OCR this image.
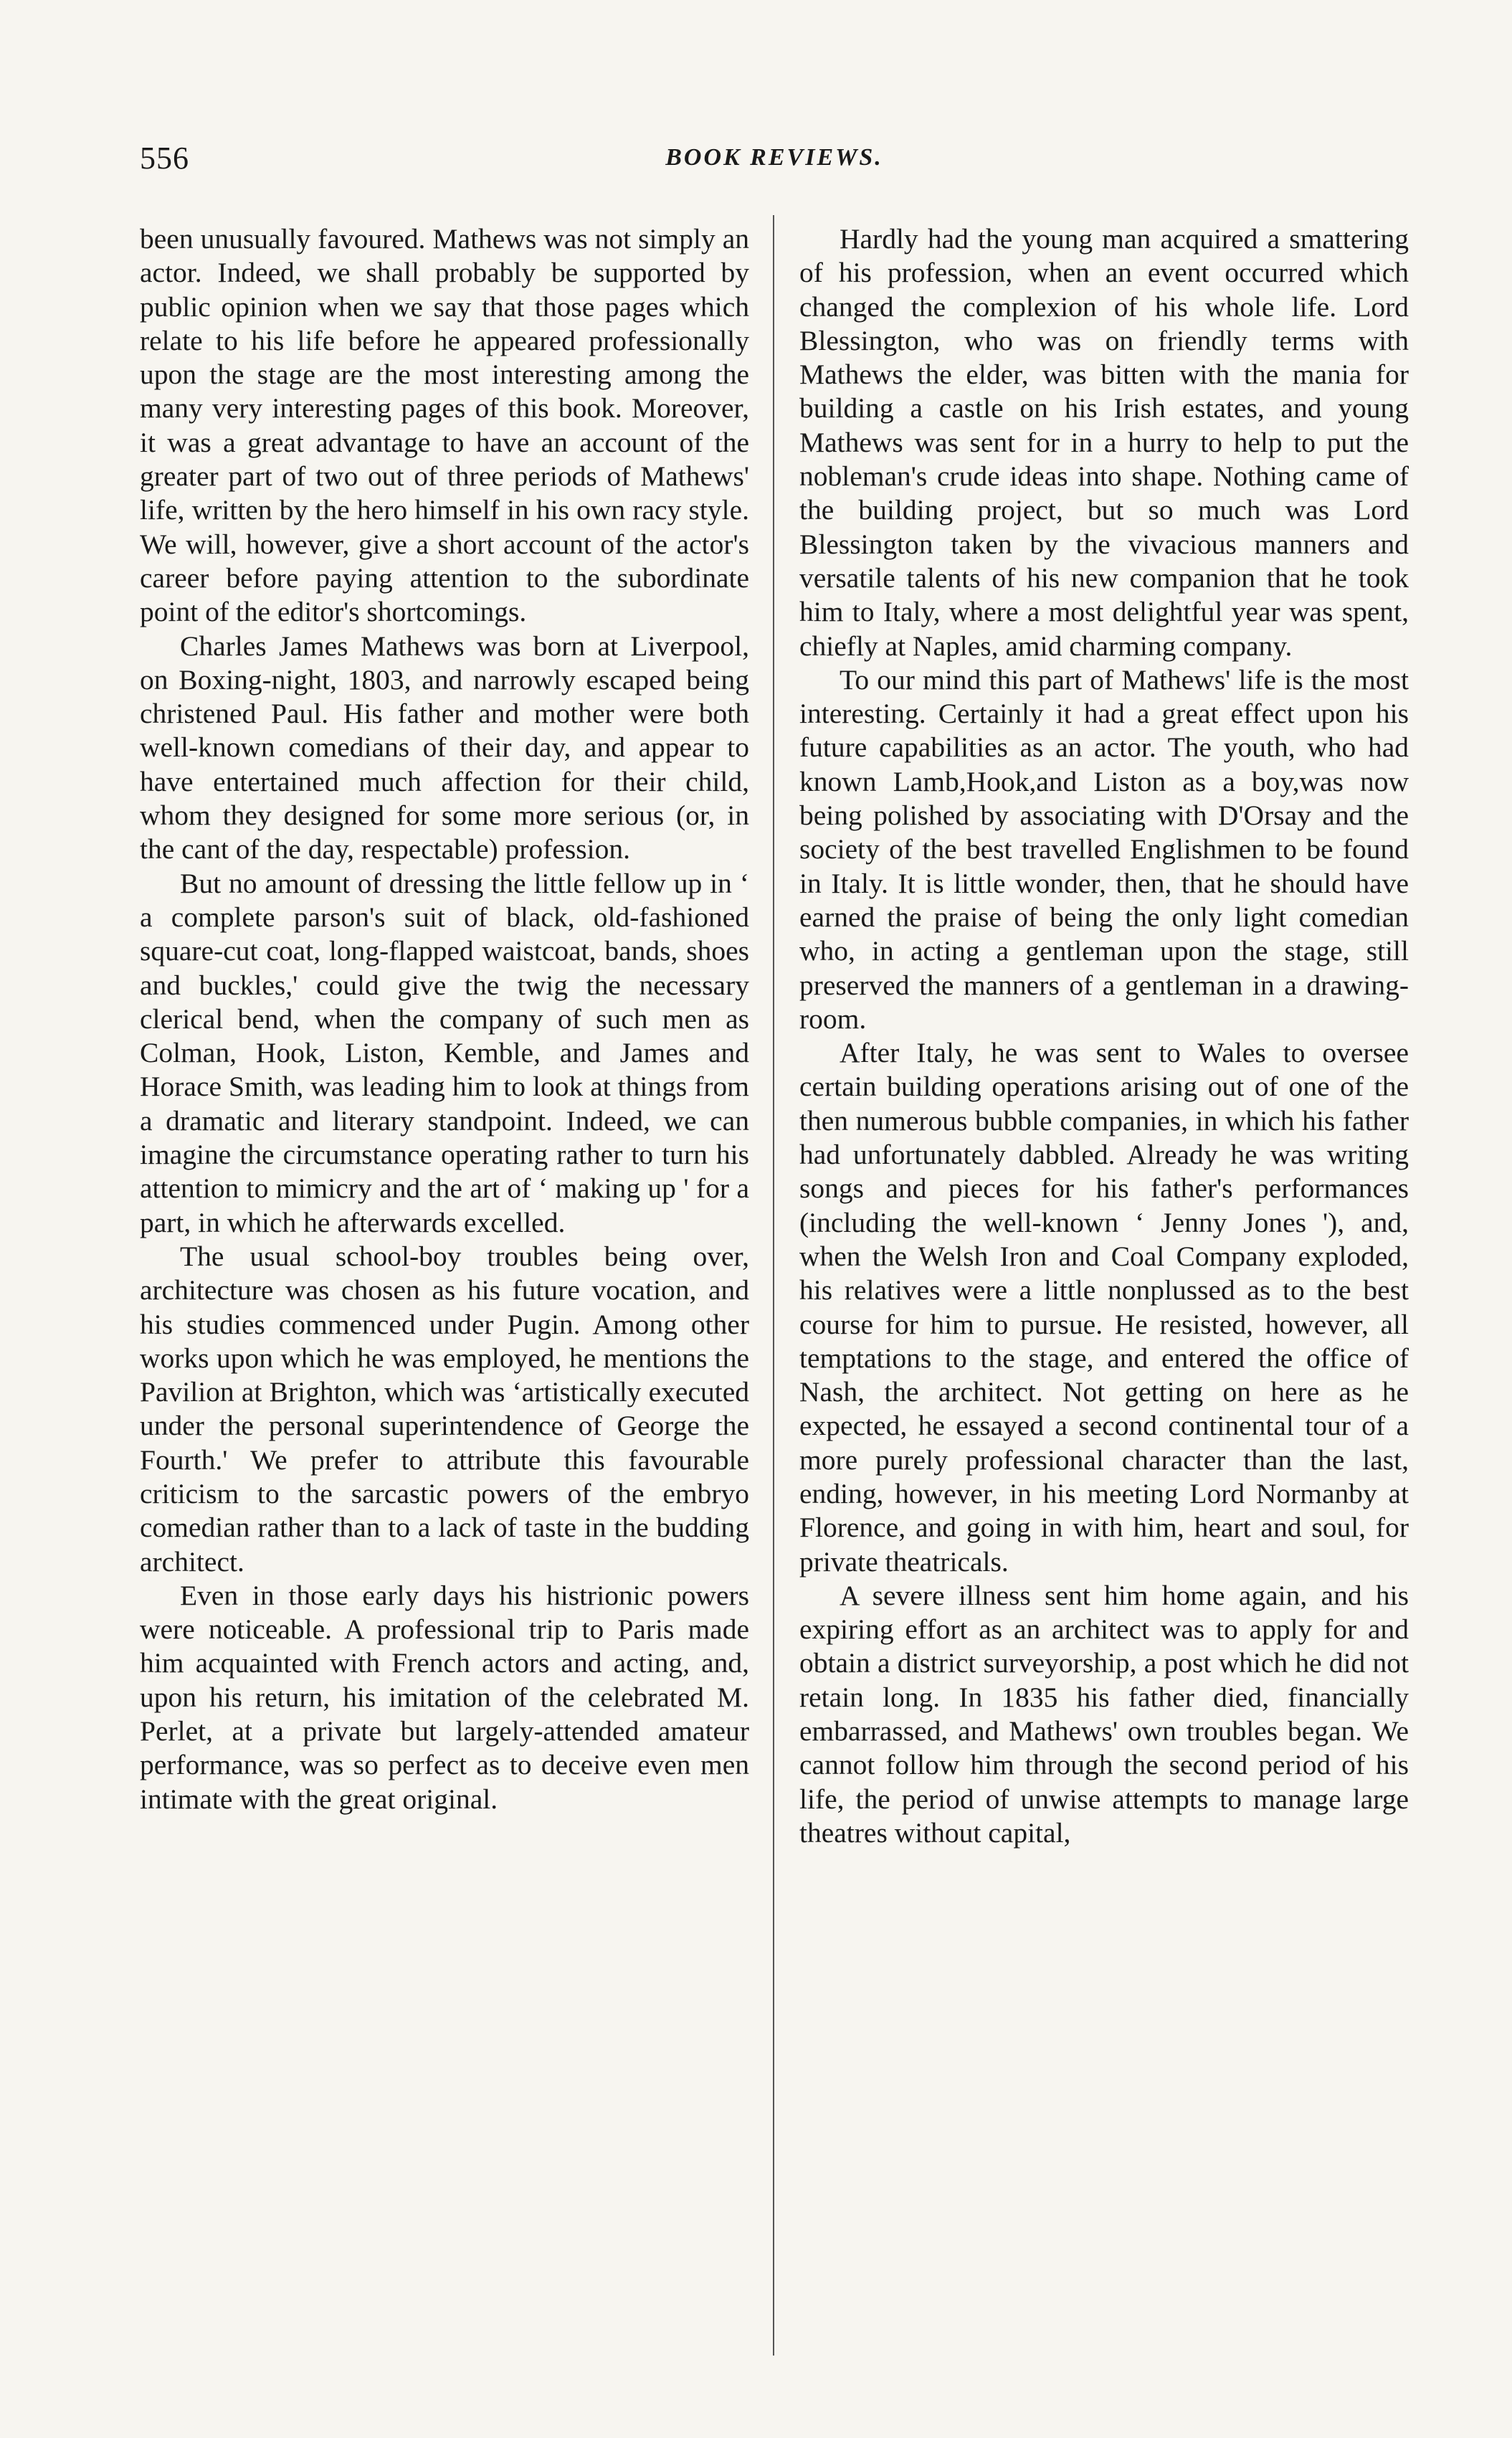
556	BOOK REVIEWS.

been unusually favoured. Mathews was not simply an actor. Indeed, we shall probably be supported by public opinion when we say that those pages which relate to his life before he appeared professionally upon the stage are the most interesting among the many very interesting pages of this book. Moreover, it was a great advantage to have an account of the greater part of two out of three periods of Mathews' life, written by the hero himself in his own racy style. We will, however, give a short account of the actor's career before paying attention to the subordinate point of the editor's shortcomings.

Charles James Mathews was born at Liverpool, on Boxing-night, 1803, and narrowly escaped being christened Paul. His father and mother were both well-known comedians of their day, and appear to have entertained much affection for their child, whom they designed for some more serious (or, in the cant of the day, respectable) profession.

But no amount of dressing the little fellow up in ‘ a complete parson's suit of black, old-fashioned square-cut coat, long-flapped waistcoat, bands, shoes and buckles,' could give the twig the necessary clerical bend, when the company of such men as Colman, Hook, Liston, Kemble, and James and Horace Smith, was leading him to look at things from a dramatic and literary standpoint. Indeed, we can imagine the circumstance operating rather to turn his attention to mimicry and the art of ‘ making up ' for a part, in which he afterwards excelled.

The usual school-boy troubles being over, architecture was chosen as his future vocation, and his studies commenced under Pugin. Among other works upon which he was employed, he mentions the Pavilion at Brighton, which was ‘artistically executed under the personal superintendence of George the Fourth.' We prefer to attribute this favourable criticism to the sarcastic powers of the embryo comedian rather than to a lack of taste in the budding architect.

Even in those early days his histrionic powers were noticeable. A professional trip to Paris made him acquainted with French actors and acting, and, upon his return, his imitation of the celebrated M. Perlet, at a private but largely-attended amateur performance, was so perfect as to deceive even men intimate with the great original.

Hardly had the young man acquired a smattering of his profession, when an event occurred which changed the complexion of his whole life. Lord Blessington, who was on friendly terms with Mathews the elder, was bitten with the mania for building a castle on his Irish estates, and young Mathews was sent for in a hurry to help to put the nobleman's crude ideas into shape. Nothing came of the building project, but so much was Lord Blessington taken by the vivacious manners and versatile talents of his new companion that he took him to Italy, where a most delightful year was spent, chiefly at Naples, amid charming company.

To our mind this part of Mathews' life is the most interesting. Certainly it had a great effect upon his future capabilities as an actor. The youth, who had known Lamb,Hook,and Liston as a boy,was now being polished by associating with D'Orsay and the society of the best travelled Englishmen to be found in Italy. It is little wonder, then, that he should have earned the praise of being the only light comedian who, in acting a gentleman upon the stage, still preserved the manners of a gentleman in a drawing-room.

After Italy, he was sent to Wales to oversee certain building operations arising out of one of the then numerous bubble companies, in which his father had unfortunately dabbled. Already he was writing songs and pieces for his father's performances (including the well-known ‘ Jenny Jones '), and, when the Welsh Iron and Coal Company exploded, his relatives were a little nonplussed as to the best course for him to pursue. He resisted, however, all temptations to the stage, and entered the office of Nash, the architect. Not getting on here as he expected, he essayed a second continental tour of a more purely professional character than the last, ending, however, in his meeting Lord Normanby at Florence, and going in with him, heart and soul, for private theatricals.

A severe illness sent him home again, and his expiring effort as an architect was to apply for and obtain a district surveyorship, a post which he did not retain long. In 1835 his father died, financially embarrassed, and Mathews' own troubles began. We cannot follow him through the second period of his life, the period of unwise attempts to manage large theatres without capital,
